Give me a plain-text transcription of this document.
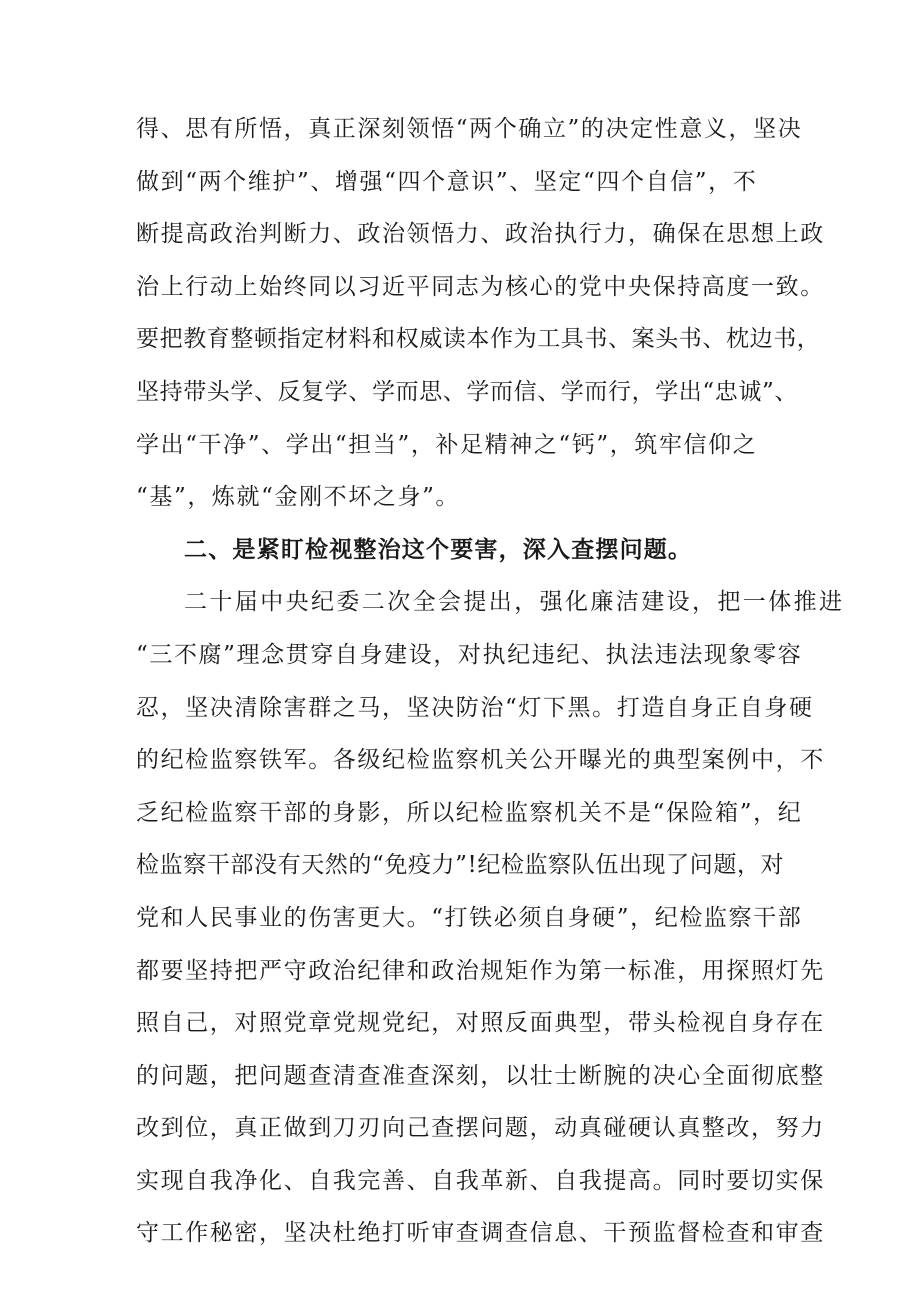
得、思有所悟，真正深刻领悟“两个确立”的决定性意义，坚决
做到“两个维护”、增强“四个意识”、坚定“四个自信”，不
断提高政治判断力、政治领悟力、政治执行力，确保在思想上政
治上行动上始终同以习近平同志为核心的党中央保持高度一致。
要把教育整顿指定材料和权威读本作为工具书、案头书、枕边书，
坚持带头学、反复学、学而思、学而信、学而行，学出“忠诚”、
学出“干净”、学出“担当”，补足精神之“钙”，筑牢信仰之
“基”，炼就“金刚不坏之身”。
二、是紧盯检视整治这个要害，深入查摆问题。
二十届中央纪委二次全会提出，强化廉洁建设，把一体推进
“三不腐”理念贯穿自身建设，对执纪违纪、执法违法现象零容
忍，坚决清除害群之马，坚决防治“灯下黑。打造自身正自身硬
的纪检监察铁军。各级纪检监察机关公开曝光的典型案例中，不
乏纪检监察干部的身影，所以纪检监察机关不是“保险箱”，纪
检监察干部没有天然的“免疫力”!纪检监察队伍出现了问题，对
党和人民事业的伤害更大。“打铁必须自身硬”，纪检监察干部
都要坚持把严守政治纪律和政治规矩作为第一标准，用探照灯先
照自己，对照党章党规党纪，对照反面典型，带头检视自身存在
的问题，把问题查清查准查深刻，以壮士断腕的决心全面彻底整
改到位，真正做到刀刃向己查摆问题，动真碰硬认真整改，努力
实现自我净化、自我完善、自我革新、自我提高。同时要切实保
守工作秘密，坚决杜绝打听审查调查信息、干预监督检查和审查
